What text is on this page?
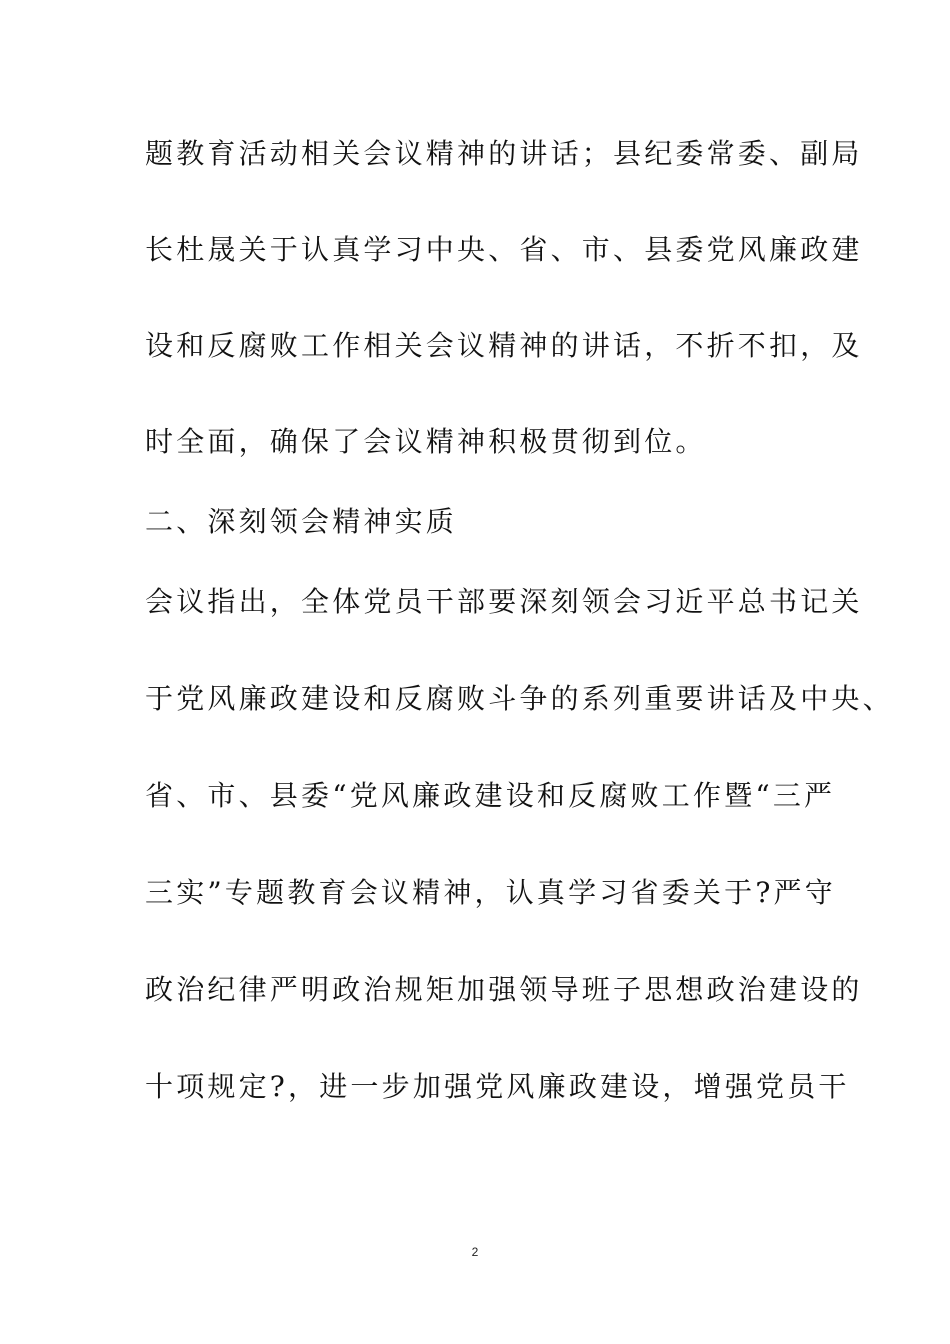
题教育活动相关会议精神的讲话；县纪委常委、副局

长杜晟关于认真学习中央、省、市、县委党风廉政建

设和反腐败工作相关会议精神的讲话，不折不扣，及

时全面，确保了会议精神积极贯彻到位。

二、深刻领会精神实质

会议指出，全体党员干部要深刻领会习近平总书记关

于党风廉政建设和反腐败斗争的系列重要讲话及中央、

省、市、县委“党风廉政建设和反腐败工作暨“三严

三实”专题教育会议精神，认真学习省委关于?严守

政治纪律严明政治规矩加强领导班子思想政治建设的

十项规定?，进一步加强党风廉政建设，增强党员干

2
